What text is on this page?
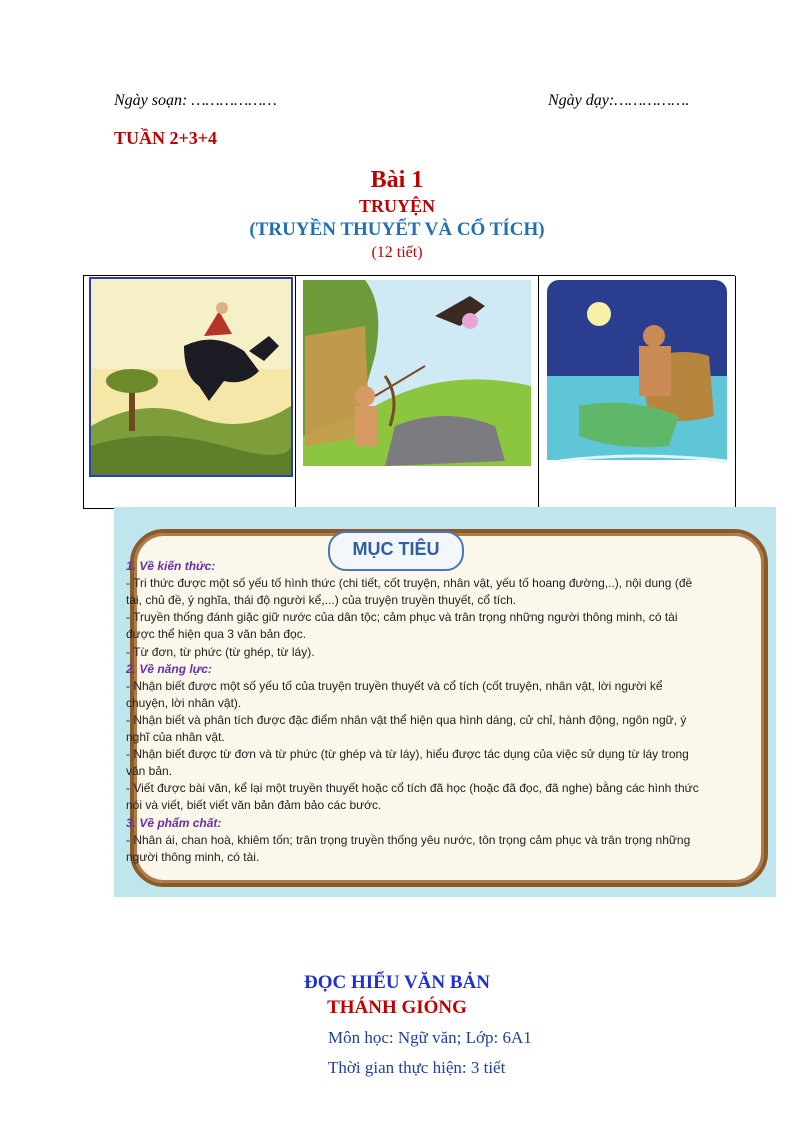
Ngày soạn: ………………	Ngày dạy:…………….
TUẦN 2+3+4
Bài 1
TRUYỆN
(TRUYỀN THUYẾT VÀ CỔ TÍCH)
(12 tiết)
MỤC TIÊU
1. Về kiến thức:
- Tri thức được một số yếu tố hình thức (chi tiết, cốt truyện, nhân vật, yếu tố hoang đường,..), nội dung (đề
tài, chủ đề, ý nghĩa, thái độ người kể,...) của truyện truyền thuyết, cổ tích.
- Truyền thống đánh giặc giữ nước của dân tộc; cảm phục và trân trọng những người thông minh, có tài
được thể hiện qua 3 văn bản đọc.
- Từ đơn, từ phức (từ ghép, từ láy).
2. Về năng lực:
- Nhận biết được một số yếu tố của truyện truyền thuyết và cổ tích (cốt truyện, nhân vật, lời người kể
chuyện, lời nhân vật).
- Nhận biết và phân tích được đặc điểm nhân vật thể hiện qua hình dáng, cử chỉ, hành động, ngôn ngữ, ý
nghĩ của nhân vật.
- Nhận biết được từ đơn và từ phức (từ ghép và từ láy), hiểu được tác dụng của việc sử dụng từ láy trong
văn bản.
- Viết được bài văn, kể lại một truyền thuyết hoặc cổ tích đã học (hoặc đã đọc, đã nghe) bằng các hình thức
nói và viết, biết viết văn bản đảm bảo các bước.
3. Về phẩm chất:
- Nhân ái, chan hoà, khiêm tốn; trân trọng truyền thống yêu nước, tôn trọng cảm phục và trân trọng những
người thông minh, có tài.
ĐỌC HIỂU VĂN BẢN
THÁNH GIÓNG
Môn học: Ngữ văn; Lớp: 6A1
Thời gian thực hiện: 3 tiết
